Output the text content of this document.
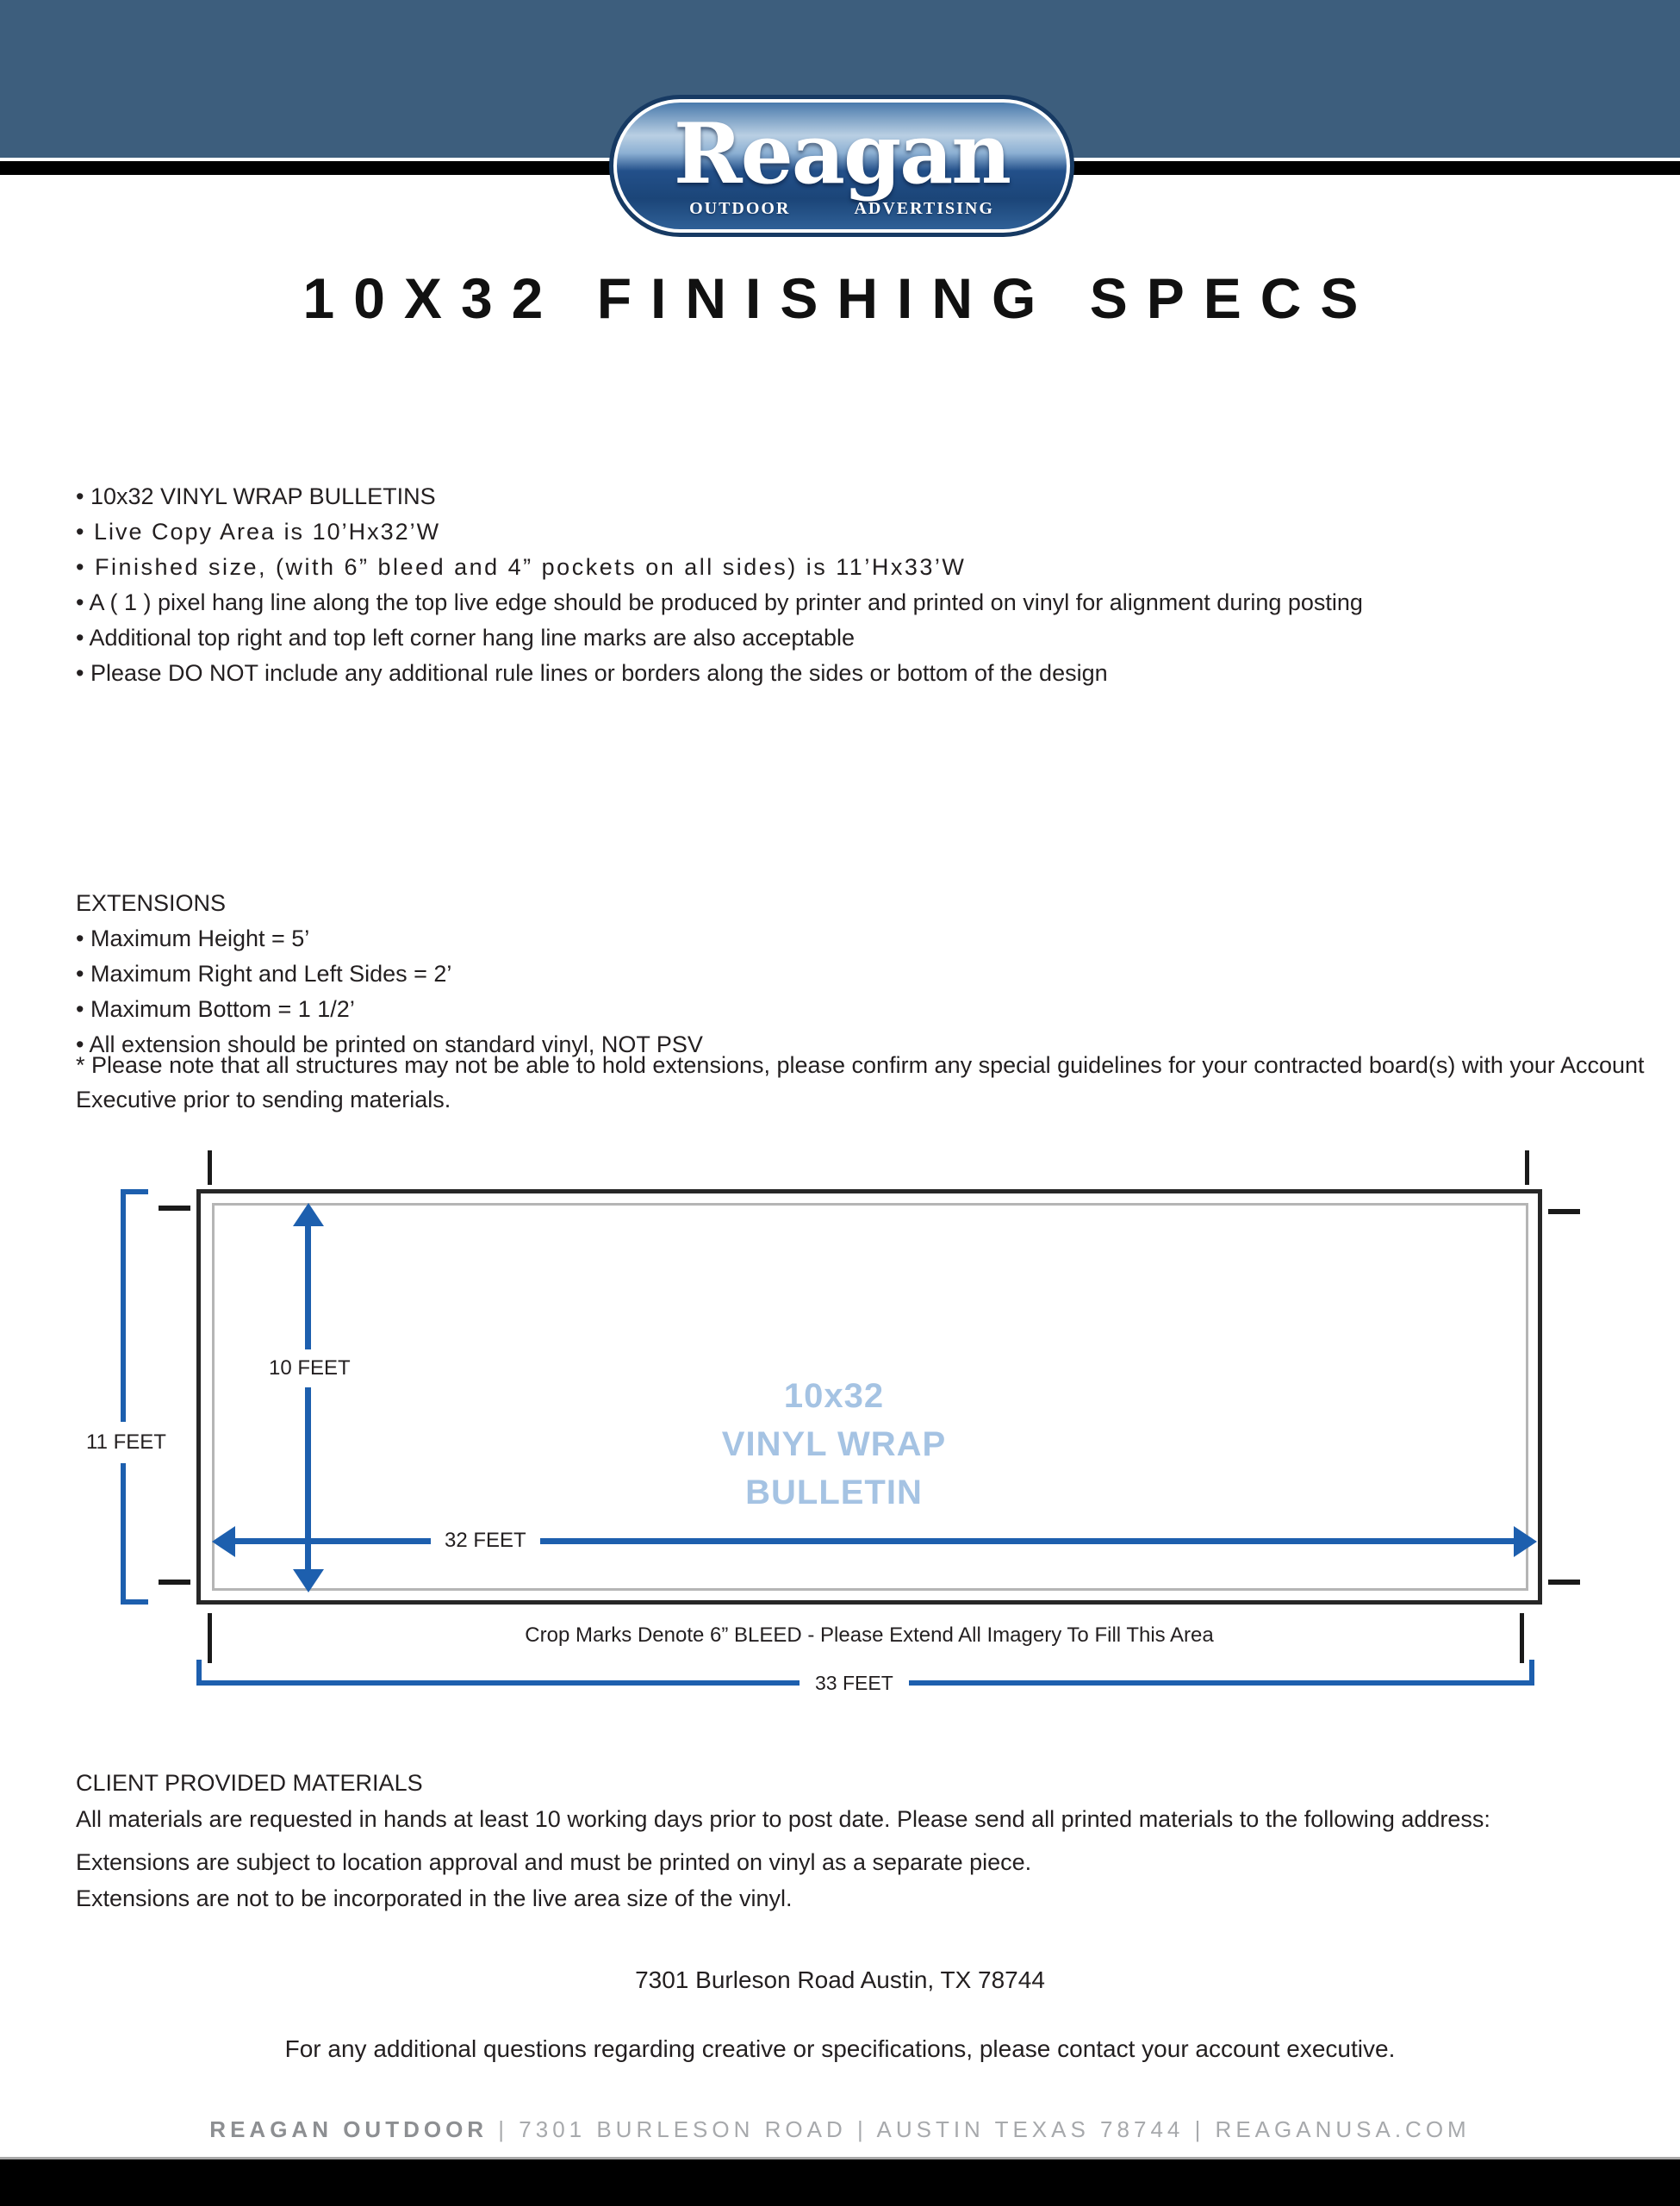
Reagan
OUTDOOR	ADVERTISING
10X32 FINISHING SPECS
• 10x32 VINYL WRAP BULLETINS
• Live Copy Area is 10’Hx32’W
• Finished size, (with 6” bleed and 4” pockets on all sides) is 11’Hx33’W
• A ( 1 ) pixel hang line along the top live edge should be produced by printer and printed on vinyl for alignment during posting
• Additional top right and top left corner hang line marks are also acceptable
• Please DO NOT include any additional rule lines or borders along the sides or bottom of the design
EXTENSIONS
• Maximum Height = 5’
• Maximum Right and Left Sides = 2’
• Maximum Bottom = 1 1/2’
• All extension should be printed on standard vinyl, NOT PSV
* Please note that all structures may not be able to hold extensions, please confirm any special guidelines for your contracted board(s) with your Account Executive prior to sending materials.
11 FEET
10 FEET
32 FEET
10x32
VINYL WRAP
BULLETIN
Crop Marks Denote 6” BLEED - Please Extend All Imagery To Fill This Area
33 FEET
CLIENT PROVIDED MATERIALS
All materials are requested in hands at least 10 working days prior to post date. Please send all printed materials to the following address:
Extensions are subject to location approval and must be printed on vinyl as a separate piece.
Extensions are not to be incorporated in the live area size of the vinyl.
7301 Burleson Road Austin, TX 78744
For any additional questions regarding creative or specifications, please contact your account executive.
REAGAN OUTDOOR | 7301 BURLESON ROAD | AUSTIN TEXAS 78744 | REAGANUSA.COM
